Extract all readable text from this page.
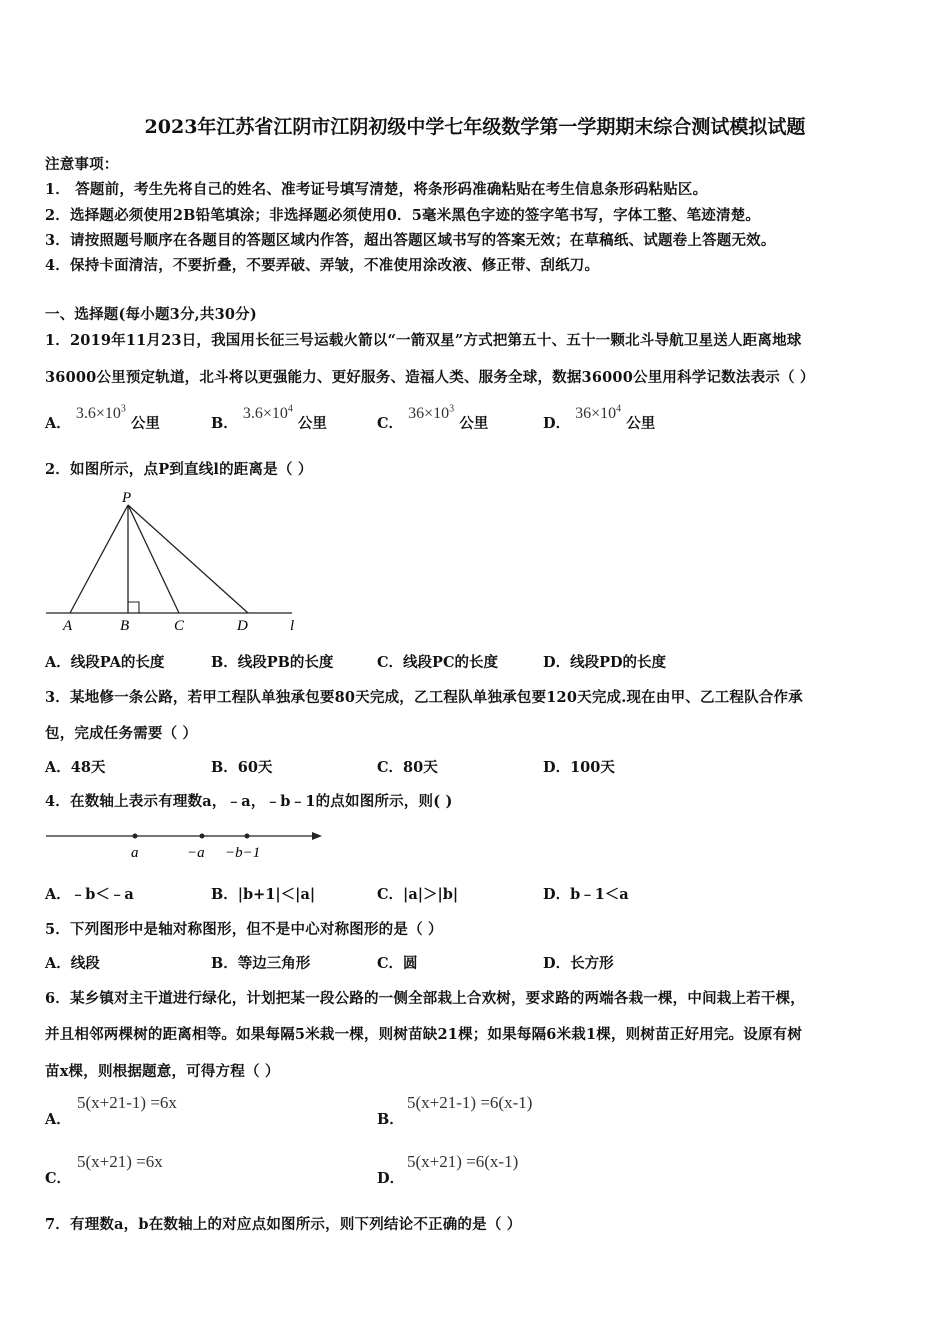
2023年江苏省江阴市江阴初级中学七年级数学第一学期期末综合测试模拟试题
注意事项：
1． 答题前，考生先将自己的姓名、准考证号填写清楚，将条形码准确粘贴在考生信息条形码粘贴区。
2．选择题必须使用2B铅笔填涂；非选择题必须使用0．5毫米黑色字迹的签字笔书写，字体工整、笔迹清楚。
3．请按照题号顺序在各题目的答题区域内作答，超出答题区域书写的答案无效；在草稿纸、试题卷上答题无效。
4．保持卡面清洁，不要折叠，不要弄破、弄皱，不准使用涂改液、修正带、刮纸刀。
一、选择题(每小题3分,共30分)
1．2019年11月23日，我国用长征三号运载火箭以“一箭双星”方式把第五十、五十一颗北斗导航卫星送人距离地球
36000公里预定轨道，北斗将以更强能力、更好服务、造福人类、服务全球，数据36000公里用科学记数法表示（ ）
A． $3.6\times 10^3$ 公里	B． $3.6\times 10^4$ 公里	C． $36\times 10^3$ 公里	D． $36\times 10^4$ 公里
2．如图所示，点P到直线l的距离是（ ）
P
A	B	C	D	l
A．线段PA的长度	B．线段PB的长度	C．线段PC的长度	D．线段PD的长度
3．某地修一条公路，若甲工程队单独承包要80天完成，乙工程队单独承包要120天完成.现在由甲、乙工程队合作承
包，完成任务需要（ ）
A．48天	B．60天	C．80天	D．100天
4．在数轴上表示有理数a，﹣a，﹣b﹣1的点如图所示，则( )
a	−a −b−1
A．﹣b＜﹣a	B．|b+1|＜|a|	C．|a|＞|b|	D．b﹣1＜a
5．下列图形中是轴对称图形，但不是中心对称图形的是（ ）
A．线段	B．等边三角形	C．圆	D．长方形
6．某乡镇对主干道进行绿化，计划把某一段公路的一侧全部栽上合欢树，要求路的两端各栽一棵，中间栽上若干棵，
并且相邻两棵树的距离相等。如果每隔5米栽一棵，则树苗缺21棵；如果每隔6米栽1棵，则树苗正好用完。设原有树
苗x棵，则根据题意，可得方程（ ）
A．
5(x+21-1) =6x
B．
5(x+21-1) =6(x-1)
C．
5(x+21) =6x
D．
5(x+21) =6(x-1)
7．有理数a，b在数轴上的对应点如图所示，则下列结论不正确的是（ ）
